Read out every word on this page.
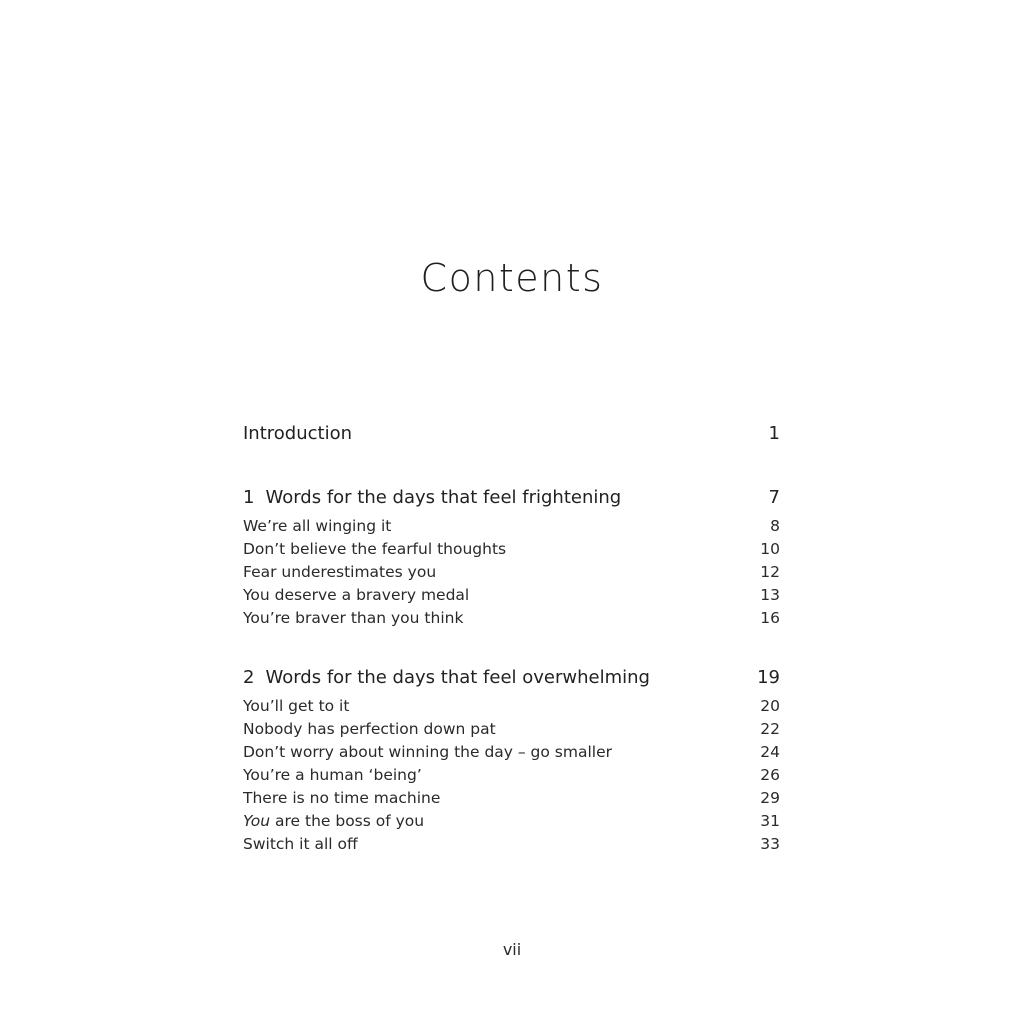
Contents
Introduction	1
1 Words for the days that feel frightening	7
We’re all winging it	8
Don’t believe the fearful thoughts	10
Fear underestimates you	12
You deserve a bravery medal	13
You’re braver than you think	16
2 Words for the days that feel overwhelming	19
You’ll get to it	20
Nobody has perfection down pat	22
Don’t worry about winning the day – go smaller	24
You’re a human ‘being’	26
There is no time machine	29
You are the boss of you	31
Switch it all off	33
vii
